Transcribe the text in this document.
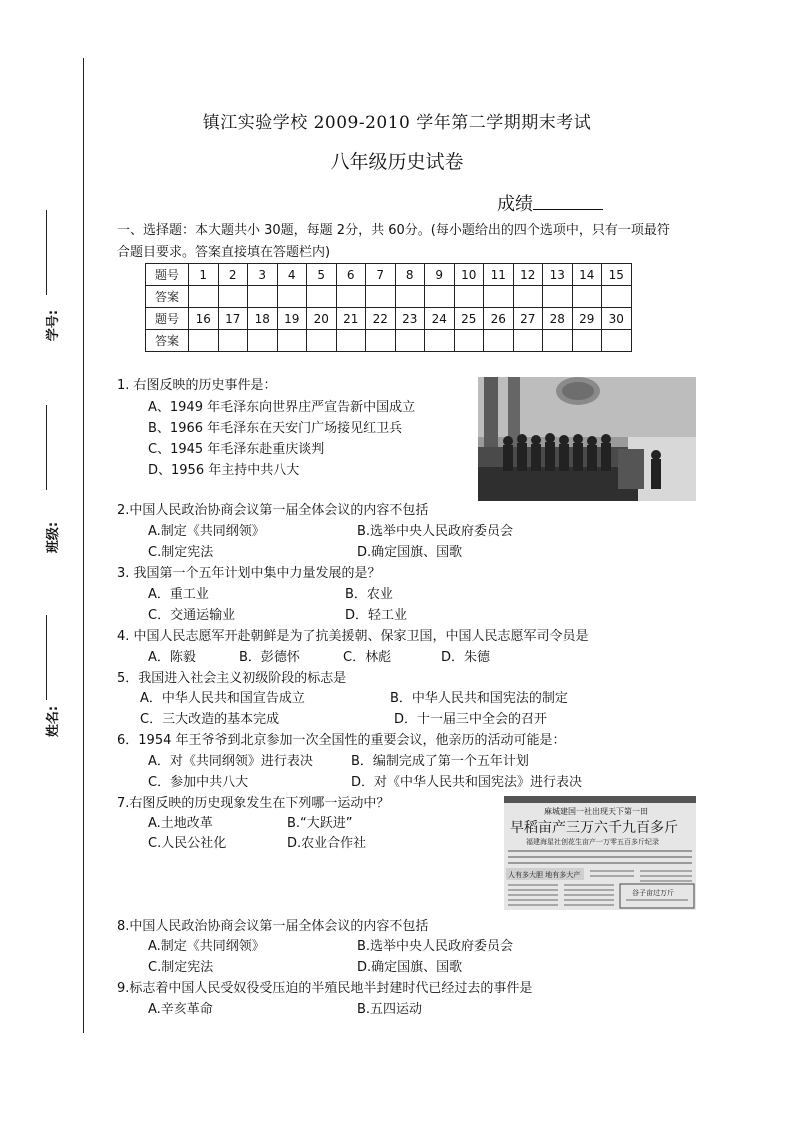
学号:
班级:
姓名:
镇江实验学校 2009-2010 学年第二学期期末考试
八年级历史试卷
成绩
一、选择题：本大题共小 30题，每题 2分，共 60分。(每小题给出的四个选项中，只有一项最符合题目要求。答案直接填在答题栏内)
题号	1	2	3	4	5	6	7	8	9	10	11	12	13	14	15
答案															
题号	16	17	18	19	20	21	22	23	24	25	26	27	28	29	30
答案															
1. 右图反映的历史事件是：
A、1949 年毛泽东向世界庄严宣告新中国成立
B、1966 年毛泽东在天安门广场接见红卫兵
C、1945 年毛泽东赴重庆谈判
D、1956 年主持中共八大
2.中国人民政治协商会议第一届全体会议的内容不包括
A.制定《共同纲领》	B.选举中央人民政府委员会
C.制定宪法	D.确定国旗、国歌
3. 我国第一个五年计划中集中力量发展的是？
A．重工业	B．农业
C．交通运输业	D．轻工业
4. 中国人民志愿军开赴朝鲜是为了抗美援朝、保家卫国，中国人民志愿军司令员是
A．陈毅	B．彭德怀	C．林彪	D．朱德
5．我国进入社会主义初级阶段的标志是
A．中华人民共和国宣告成立	B．中华人民共和国宪法的制定
C．三大改造的基本完成	D．十一届三中全会的召开
6．1954 年王爷爷到北京参加一次全国性的重要会议，他亲历的活动可能是：
A．对《共同纲领》进行表决	B．编制完成了第一个五年计划
C．参加中共八大	D．对《中华人民共和国宪法》进行表决
7.右图反映的历史现象发生在下列哪一运动中？
A.土地改革	B.“大跃进”
C.人民公社化	D.农业合作社
麻城建国一社出现天下第一田
早稻亩产三万六千九百多斤
福建海星社创花生亩产一万零五百多斤纪录
人有多大胆 地有多大产
谷子亩过万斤
8.中国人民政治协商会议第一届全体会议的内容不包括
A.制定《共同纲领》	B.选举中央人民政府委员会
C.制定宪法	D.确定国旗、国歌
9.标志着中国人民受奴役受压迫的半殖民地半封建时代已经过去的事件是
A.辛亥革命	B.五四运动
